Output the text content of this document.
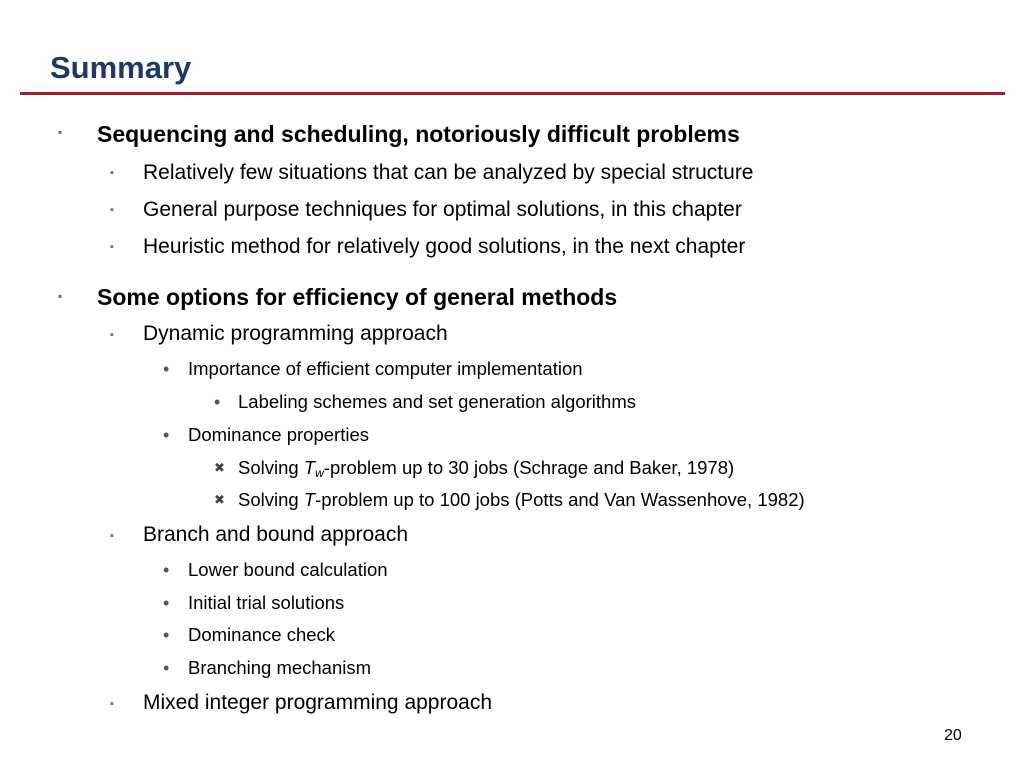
Summary
▪ Sequencing and scheduling, notoriously difficult problems
▪ Relatively few situations that can be analyzed by special structure
▪ General purpose techniques for optimal solutions, in this chapter
▪ Heuristic method for relatively good solutions, in the next chapter
▪ Some options for efficiency of general methods
▪ Dynamic programming approach
• Importance of efficient computer implementation
• Labeling schemes and set generation algorithms
• Dominance properties
✖ Solving $T_w$-problem up to 30 jobs (Schrage and Baker, 1978)
✖ Solving T-problem up to 100 jobs (Potts and Van Wassenhove, 1982)
▪ Branch and bound approach
• Lower bound calculation
• Initial trial solutions
• Dominance check
• Branching mechanism
▪ Mixed integer programming approach
20
